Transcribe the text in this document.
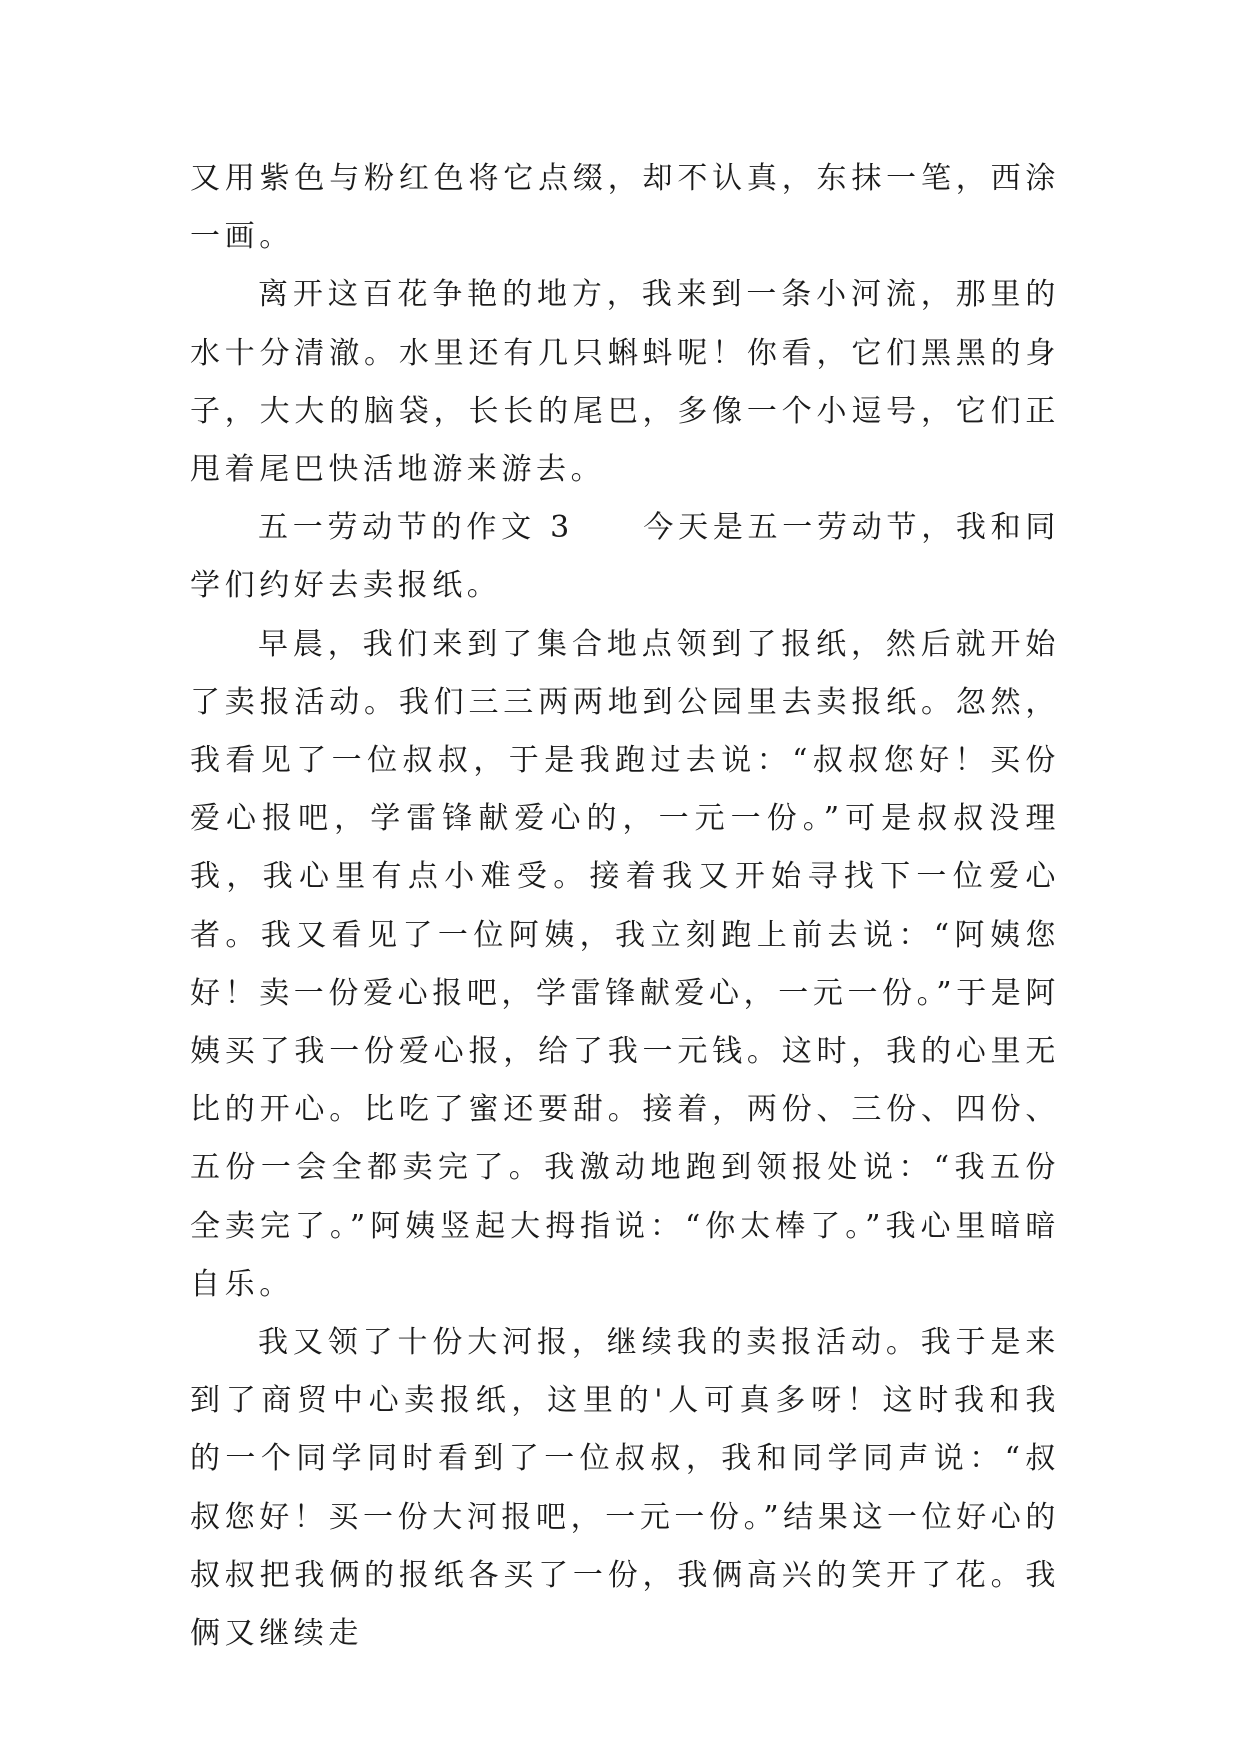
又用紫色与粉红色将它点缀，却不认真，东抹一笔，西涂一画。

离开这百花争艳的地方，我来到一条小河流，那里的水十分清澈。水里还有几只蝌蚪呢！你看，它们黑黑的身子，大大的脑袋，长长的尾巴，多像一个小逗号，它们正甩着尾巴快活地游来游去。

五一劳动节的作文 3　　今天是五一劳动节，我和同学们约好去卖报纸。

早晨，我们来到了集合地点领到了报纸，然后就开始了卖报活动。我们三三两两地到公园里去卖报纸。忽然，我看见了一位叔叔，于是我跑过去说：“叔叔您好！买份爱心报吧，学雷锋献爱心的，一元一份。”可是叔叔没理我，我心里有点小难受。接着我又开始寻找下一位爱心者。我又看见了一位阿姨，我立刻跑上前去说：“阿姨您好！卖一份爱心报吧，学雷锋献爱心，一元一份。”于是阿姨买了我一份爱心报，给了我一元钱。这时，我的心里无比的开心。比吃了蜜还要甜。接着，两份、三份、四份、五份一会全都卖完了。我激动地跑到领报处说：“我五份全卖完了。”阿姨竖起大拇指说：“你太棒了。”我心里暗暗自乐。

我又领了十份大河报，继续我的卖报活动。我于是来到了商贸中心卖报纸，这里的'人可真多呀！这时我和我的一个同学同时看到了一位叔叔，我和同学同声说：“叔叔您好！买一份大河报吧，一元一份。”结果这一位好心的叔叔把我俩的报纸各买了一份，我俩高兴的笑开了花。我俩又继续走
